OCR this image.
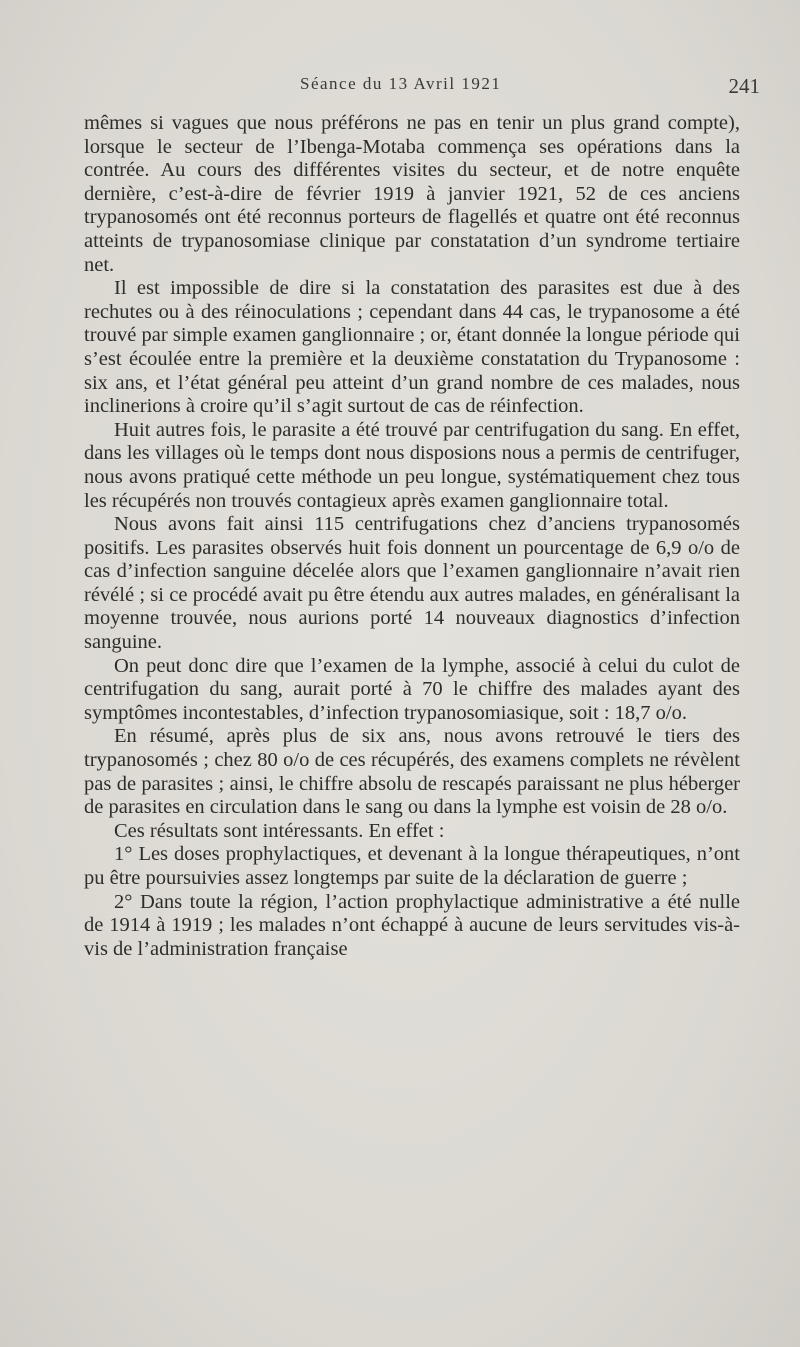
Séance du 13 Avril 1921	241

mêmes si vagues que nous préférons ne pas en tenir un plus grand compte), lorsque le secteur de l’Ibenga-Motaba commença ses opérations dans la contrée. Au cours des différentes visites du secteur, et de notre enquête dernière, c’est-à-dire de février 1919 à janvier 1921, 52 de ces anciens trypanosomés ont été reconnus porteurs de flagellés et quatre ont été reconnus atteints de trypanosomiase clinique par constatation d’un syndrome tertiaire net.

Il est impossible de dire si la constatation des parasites est due à des rechutes ou à des réinoculations ; cependant dans 44 cas, le trypanosome a été trouvé par simple examen ganglionnaire ; or, étant donnée la longue période qui s’est écoulée entre la première et la deuxième constatation du Trypanosome : six ans, et l’état général peu atteint d’un grand nombre de ces malades, nous inclinerions à croire qu’il s’agit surtout de cas de réinfection.

Huit autres fois, le parasite a été trouvé par centrifugation du sang. En effet, dans les villages où le temps dont nous disposions nous a permis de centrifuger, nous avons pratiqué cette méthode un peu longue, systématiquement chez tous les récupérés non trouvés contagieux après examen ganglionnaire total.

Nous avons fait ainsi 115 centrifugations chez d’anciens trypanosomés positifs. Les parasites observés huit fois donnent un pourcentage de 6,9 o/o de cas d’infection sanguine décelée alors que l’examen ganglionnaire n’avait rien révélé ; si ce procédé avait pu être étendu aux autres malades, en généralisant la moyenne trouvée, nous aurions porté 14 nouveaux diagnostics d’infection sanguine.

On peut donc dire que l’examen de la lymphe, associé à celui du culot de centrifugation du sang, aurait porté à 70 le chiffre des malades ayant des symptômes incontestables, d’infection trypanosomiasique, soit : 18,7 o/o.

En résumé, après plus de six ans, nous avons retrouvé le tiers des trypanosomés ; chez 80 o/o de ces récupérés, des examens complets ne révèlent pas de parasites ; ainsi, le chiffre absolu de rescapés paraissant ne plus héberger de parasites en circulation dans le sang ou dans la lymphe est voisin de 28 o/o.

Ces résultats sont intéressants. En effet :

1° Les doses prophylactiques, et devenant à la longue thérapeutiques, n’ont pu être poursuivies assez longtemps par suite de la déclaration de guerre ;

2° Dans toute la région, l’action prophylactique administrative a été nulle de 1914 à 1919 ; les malades n’ont échappé à aucune de leurs servitudes vis-à-vis de l’administration française
